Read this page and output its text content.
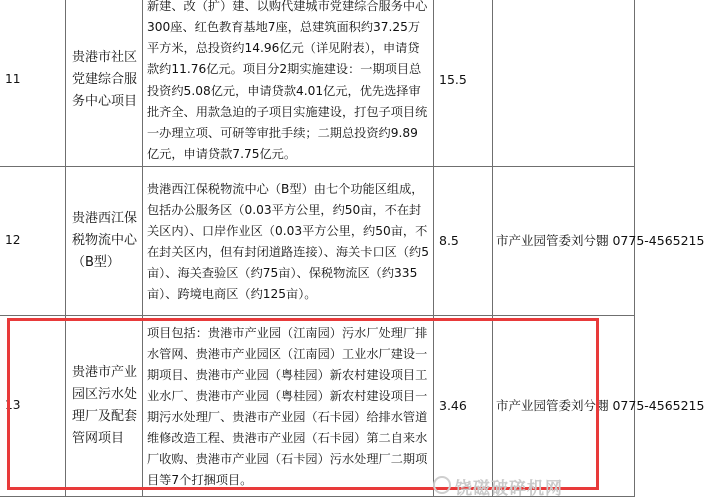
11	贵港市社区党建综合服务中心项目	新建、改（扩）建、以购代建城市党建综合服务中心300座、红色教育基地7座，总建筑面积约37.25万平方米，总投资约14.96亿元（详见附表），申请贷款约11.76亿元。项目分2期实施建设：一期项目总投资约5.08亿元，申请贷款4.01亿元，优先选择审批齐全、用款急迫的子项目实施建设，打包子项目统一办理立项、可研等审批手续；二期总投资约9.89亿元，申请贷款7.75亿元。	15.5	
12	贵港西江保税物流中心（B型）	贵港西江保税物流中心（B型）由七个功能区组成，包括办公服务区（0.03平方公里，约50亩，不在封关区内）、口岸作业区（0.03平方公里，约50亩，不在封关区内，但有封闭道路连接）、海关卡口区（约5亩）、海关查验区（约75亩）、保税物流区（约335亩）、跨境电商区（约125亩）。	8.5	市产业园管委刘兮翾 0775-4565215
13	贵港市产业园区污水处理厂及配套管网项目	项目包括：贵港市产业园（江南园）污水厂处理厂排水管网、贵港市产业园区（江南园）工业水厂建设一期项目、贵港市产业园（粤桂园）新农村建设项目工业水厂、贵港市产业园（粤桂园）新农村建设项目一期污水处理厂、贵港市产业园（石卡园）给排水管道维修改造工程、贵港市产业园（石卡园）第二自来水厂收购、贵港市产业园（石卡园）污水处理厂二期项目等7个打捆项目。	3.46	市产业园管委刘兮翾 0775-4565215
饶磁破碎机网
